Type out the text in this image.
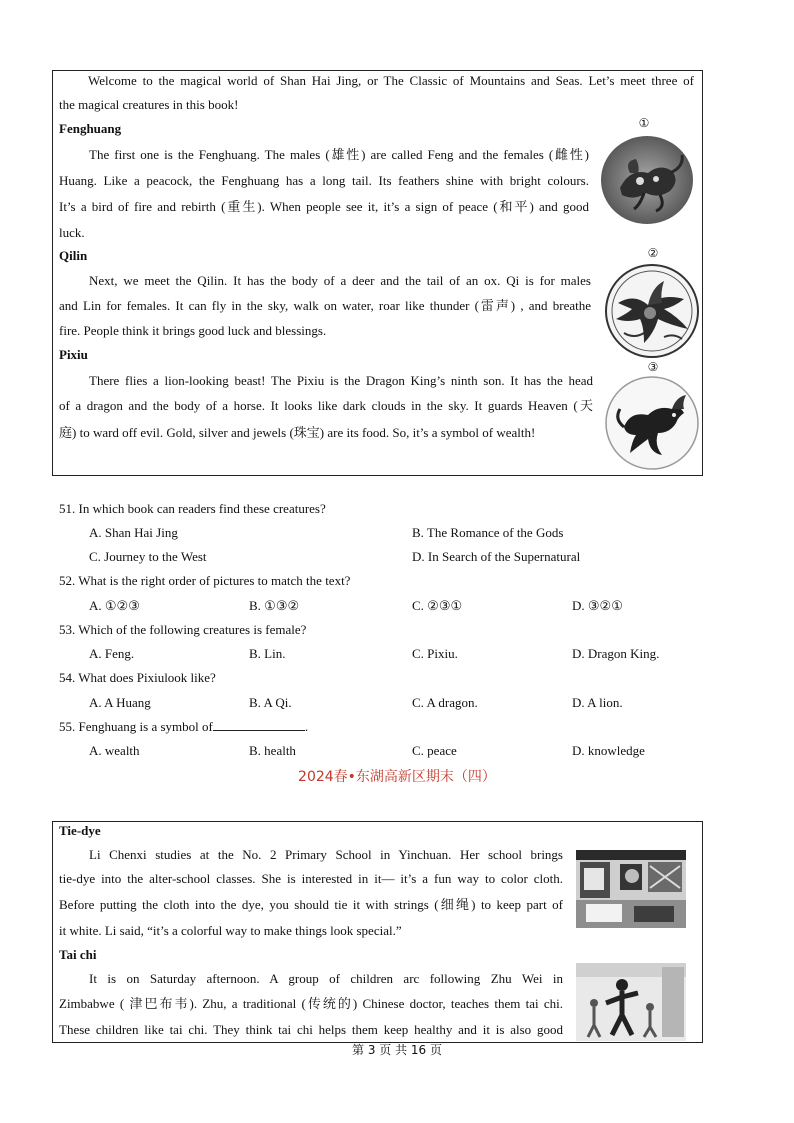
Welcome to the magical world of Shan Hai Jing, or The Classic of Mountains and Seas. Let’s meet three of
the magical creatures in this book!
Fenghuang
The first one is the Fenghuang. The males (雄性) are called Feng and the females (雌性)
Huang. Like a peacock, the Fenghuang has a long tail. Its feathers shine with bright colours.
It’s a bird of fire and rebirth (重生). When people see it, it’s a sign of peace (和平) and good
luck.
Qilin
Next, we meet the Qilin. It has the body of a deer and the tail of an ox. Qi is for males
and Lin for females. It can fly in the sky, walk on water, roar like thunder (雷声) , and breathe
fire. People think it brings good luck and blessings.
Pixiu
There flies a lion-looking beast! The Pixiu is the Dragon King’s ninth son. It has the head
of a dragon and the body of a horse. It looks like dark clouds in the sky. It guards Heaven (天
庭) to ward off evil. Gold, silver and jewels (珠宝) are its food. So, it’s a symbol of wealth!
①
②
③
51. In which book can readers find these creatures?
A. Shan Hai Jing	B. The Romance of the Gods
C. Journey to the West	D. In Search of the Supernatural
52. What is the right order of pictures to match the text?
A. ①②③	B. ①③②	C. ②③①	D. ③②①
53. Which of the following creatures is female?
A. Feng.	B. Lin.	C. Pixiu.	D. Dragon King.
54. What does Pixiulook like?
A. A Huang	B. A Qi.	C. A dragon.	D. A lion.
55. Fenghuang is a symbol of	.
A. wealth	B. health	C. peace	D. knowledge
2024春•东湖高新区期末（四）
Tie-dye
Li Chenxi studies at the No. 2 Primary School in Yinchuan. Her school brings
tie-dye into the alter-school classes. She is interested in it— it’s a fun way to color cloth.
Before putting the cloth into the dye, you should tie it with strings (细绳) to keep part of
it white. Li said, “it’s a colorful way to make things look special.”
Tai chi
It is on Saturday afternoon. A group of children arc following Zhu Wei in
Zimbabwe ( 津巴布韦). Zhu, a traditional (传统的) Chinese doctor, teaches them tai chi.
These children like tai chi. They think tai chi helps them keep healthy and it is also good
第 3 页 共 16 页
